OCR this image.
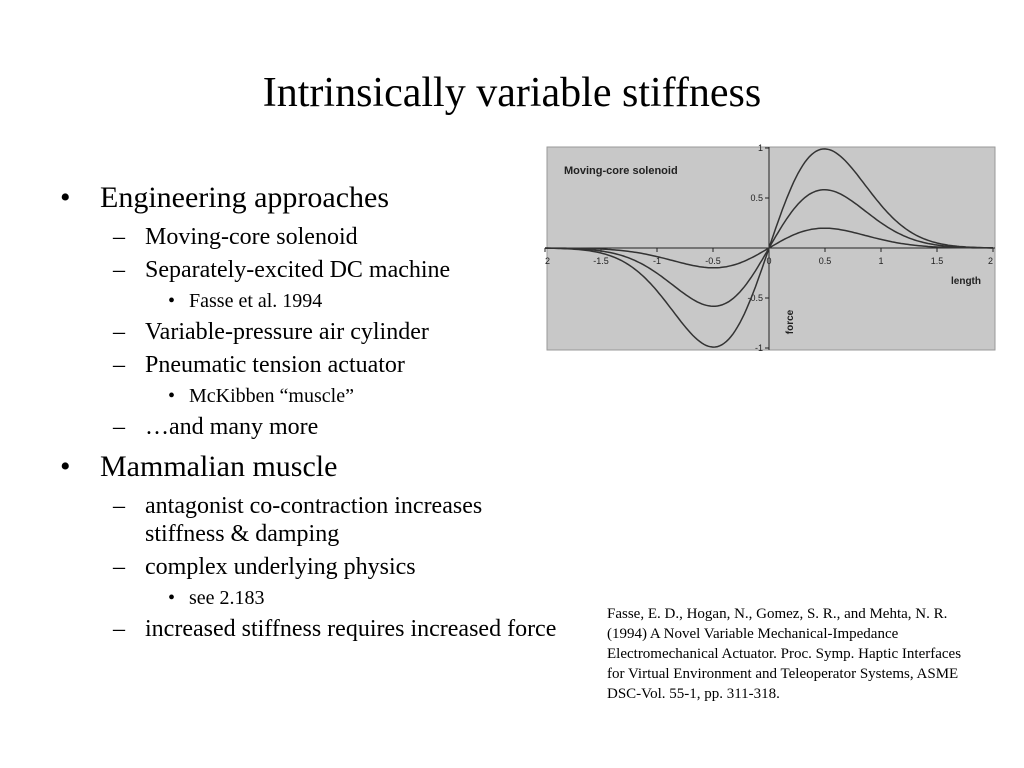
Intrinsically variable stiffness
• Engineering approaches
– Moving-core solenoid
– Separately-excited DC machine
• Fasse et al. 1994
– Variable-pressure air cylinder
– Pneumatic tension actuator
• McKibben “muscle”
– …and many more
• Mammalian muscle
– antagonist co-contraction increases stiffness & damping
– complex underlying physics
• see 2.183
– increased stiffness requires increased force
2	-1.5	-1	-0.5	0	0.5	1	1.5	2
-1
-0.5
0.5
1
Moving-core solenoid
length
force
Fasse, E. D., Hogan, N., Gomez, S. R., and Mehta, N. R. (1994) A Novel Variable Mechanical-Impedance Electromechanical Actuator. Proc. Symp. Haptic Interfaces for Virtual Environment and Teleoperator Systems, ASME DSC-Vol. 55-1, pp. 311-318.
